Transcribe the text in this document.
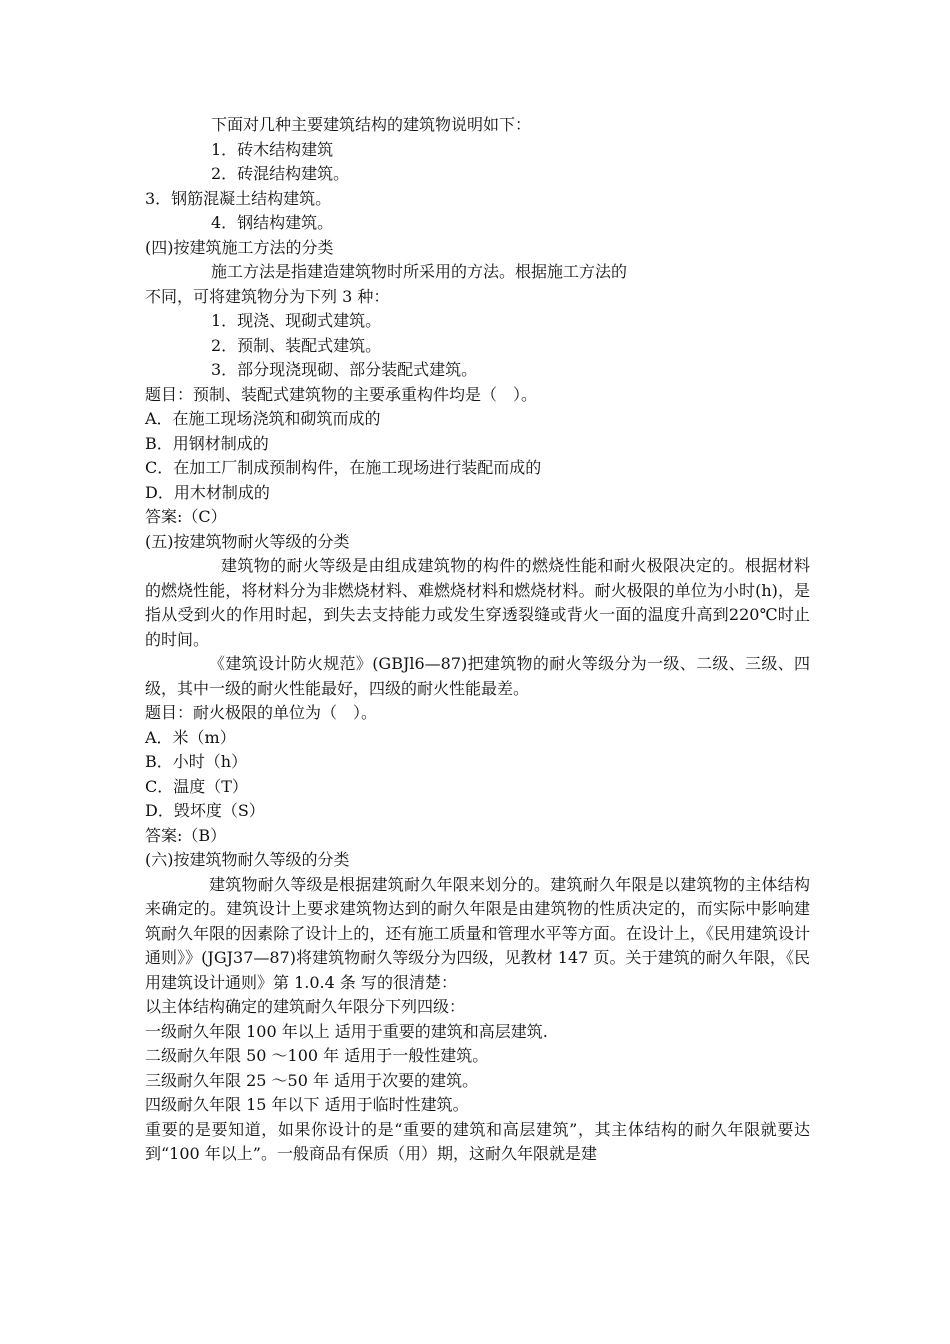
下面对几种主要建筑结构的建筑物说明如下：
1．砖木结构建筑
2．砖混结构建筑。
3．钢筋混凝土结构建筑。
4．钢结构建筑。
(四)按建筑施工方法的分类
施工方法是指建造建筑物时所采用的方法。根据施工方法的
不同，可将建筑物分为下列 3 种：
1．现浇、现砌式建筑。
2．预制、装配式建筑。
3．部分现浇现砌、部分装配式建筑。
题目：预制、装配式建筑物的主要承重构件均是（　）。
A．在施工现场浇筑和砌筑而成的
B．用钢材制成的
C．在加工厂制成预制构件，在施工现场进行装配而成的
D．用木材制成的
答案:（C）
(五)按建筑物耐火等级的分类
建筑物的耐火等级是由组成建筑物的构件的燃烧性能和耐火极限决定的。根据材料的燃烧性能，将材料分为非燃烧材料、难燃烧材料和燃烧材料。耐火极限的单位为小时(h)，是指从受到火的作用时起，到失去支持能力或发生穿透裂缝或背火一面的温度升高到220℃时止的时间。
《建筑设计防火规范》(GBJl6—87)把建筑物的耐火等级分为一级、二级、三级、四级，其中一级的耐火性能最好，四级的耐火性能最差。
题目：耐火极限的单位为（　）。
A．米（m）
B．小时（h）
C．温度（T）
D．毁坏度（S）
答案:（B）
(六)按建筑物耐久等级的分类
建筑物耐久等级是根据建筑耐久年限来划分的。建筑耐久年限是以建筑物的主体结构来确定的。建筑设计上要求建筑物达到的耐久年限是由建筑物的性质决定的，而实际中影响建筑耐久年限的因素除了设计上的，还有施工质量和管理水平等方面。在设计上，《民用建筑设计通则》》(JGJ37—87)将建筑物耐久等级分为四级，见教材 147 页。关于建筑的耐久年限，《民用建筑设计通则》第 1.0.4 条 写的很清楚：
以主体结构确定的建筑耐久年限分下列四级：
一级耐久年限 100 年以上 适用于重要的建筑和高层建筑.
二级耐久年限 50 ～100 年 适用于一般性建筑。
三级耐久年限 25 ～50 年 适用于次要的建筑。
四级耐久年限 15 年以下 适用于临时性建筑。
重要的是要知道，如果你设计的是“重要的建筑和高层建筑”，其主体结构的耐久年限就要达到“100 年以上”。一般商品有保质（用）期，这耐久年限就是建
